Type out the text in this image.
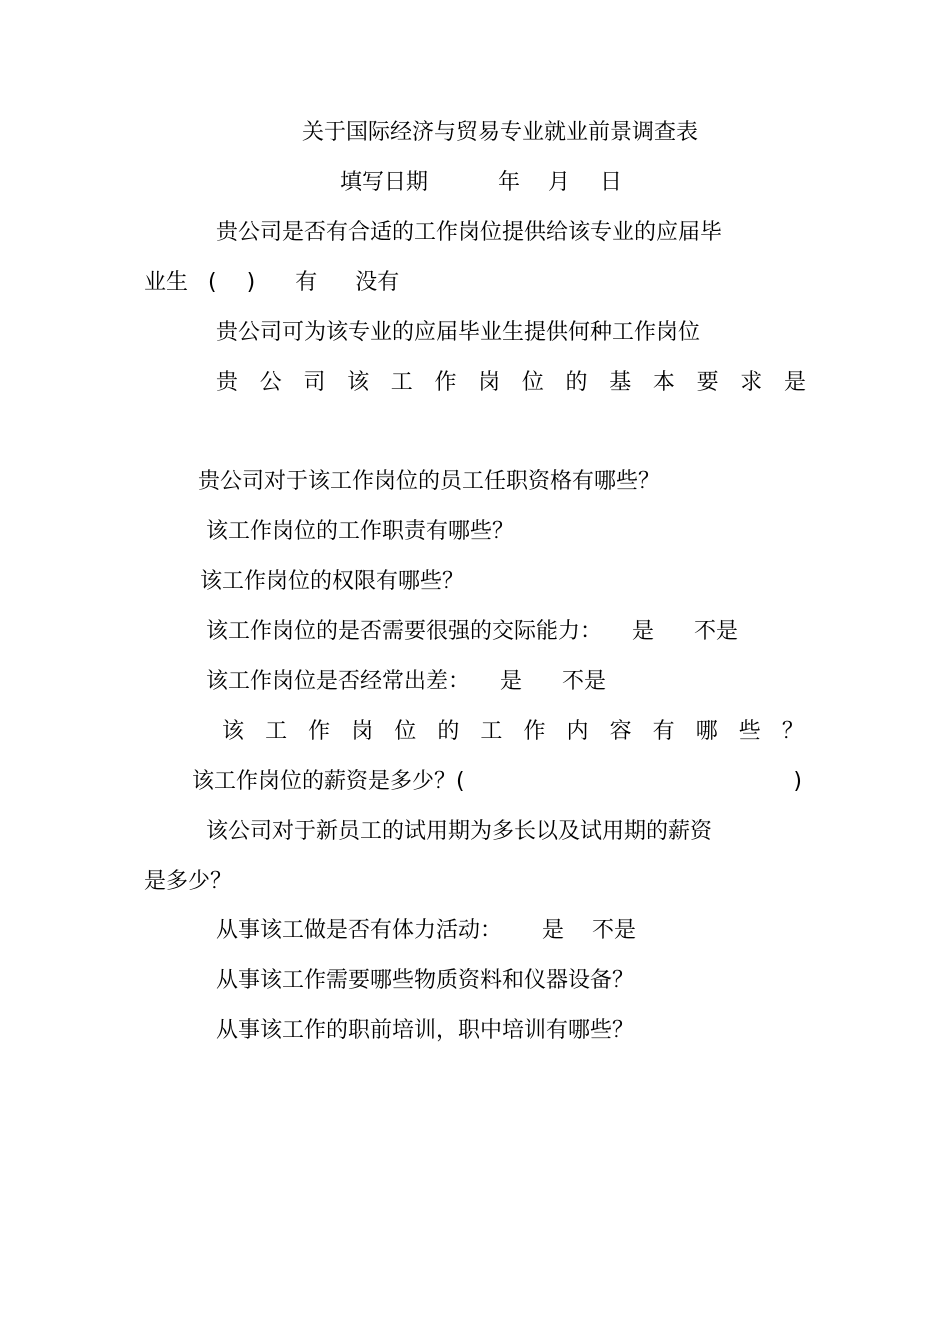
关于国际经济与贸易专业就业前景调查表
填写日期	年 月 日
贵公司是否有合适的工作岗位提供给该专业的应届毕
业生 ( ) 有 没有
贵公司可为该专业的应届毕业生提供何种工作岗位
贵 公 司 该 工 作 岗 位 的 基 本 要 求 是
贵公司对于该工作岗位的员工任职资格有哪些？
该工作岗位的工作职责有哪些？
该工作岗位的权限有哪些？
该工作岗位的是否需要很强的交际能力： 是 不是
该工作岗位是否经常出差： 是 不是
该 工 作 岗 位 的 工 作 内 容 有 哪 些 ？
该工作岗位的薪资是多少？(	)
该公司对于新员工的试用期为多长以及试用期的薪资
是多少？
从事该工做是否有体力活动： 是 不是
从事该工作需要哪些物质资料和仪器设备？
从事该工作的职前培训，职中培训有哪些？
